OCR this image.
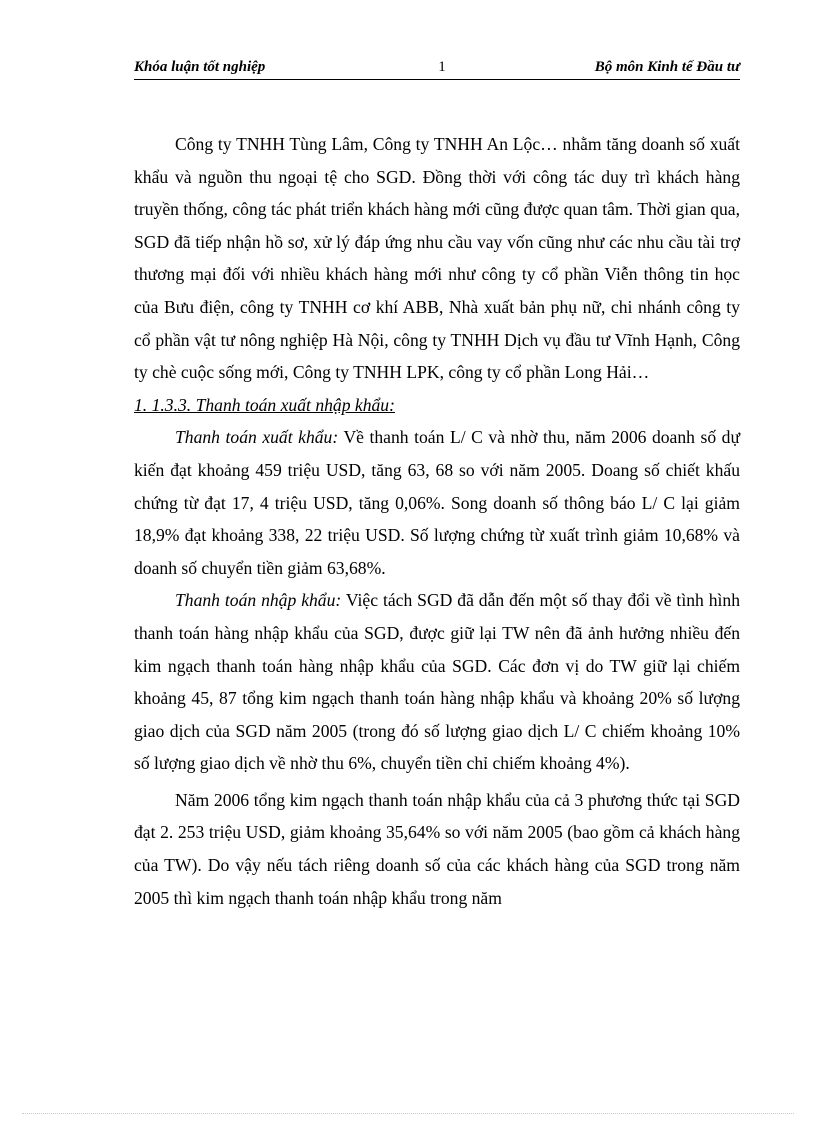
Khóa luận tốt nghiệp	1	Bộ môn Kinh tế Đầu tư

Công ty TNHH Tùng Lâm, Công ty TNHH An Lộc… nhằm tăng doanh số xuất khẩu và nguồn thu ngoại tệ cho SGD. Đồng thời với công tác duy trì khách hàng truyền thống, công tác phát triển khách hàng mới cũng được quan tâm. Thời gian qua, SGD đã tiếp nhận hồ sơ, xử lý đáp ứng nhu cầu vay vốn cũng như các nhu cầu tài trợ thương mại đối với nhiều khách hàng mới như công ty cổ phần Viễn thông tin học của Bưu điện, công ty TNHH cơ khí ABB, Nhà xuất bản phụ nữ, chi nhánh công ty cổ phần vật tư nông nghiệp Hà Nội, công ty TNHH Dịch vụ đầu tư Vĩnh Hạnh, Công ty chè cuộc sống mới, Công ty TNHH LPK, công ty cổ phần Long Hải…

1. 1.3.3. Thanh toán xuất nhập khẩu:

Thanh toán xuất khẩu: Về thanh toán L/ C và nhờ thu, năm 2006 doanh số dự kiến đạt khoảng 459 triệu USD, tăng 63, 68 so với năm 2005. Doang số chiết khấu chứng từ đạt 17, 4 triệu USD, tăng 0,06%. Song doanh số thông báo L/ C lại giảm 18,9% đạt khoảng 338, 22 triệu USD. Số lượng chứng từ xuất trình giảm 10,68% và doanh số chuyển tiền giảm 63,68%.

Thanh toán nhập khẩu: Việc tách SGD đã dẫn đến một số thay đổi về tình hình thanh toán hàng nhập khẩu của SGD, được giữ lại TW nên đã ảnh hưởng nhiều đến kim ngạch thanh toán hàng nhập khẩu của SGD. Các đơn vị do TW giữ lại chiếm khoảng 45, 87 tổng kim ngạch thanh toán hàng nhập khẩu và khoảng 20% số lượng giao dịch của SGD năm 2005 (trong đó số lượng giao dịch L/ C chiếm khoảng 10% số lượng giao dịch về nhờ thu 6%, chuyển tiền chỉ chiếm khoảng 4%).

Năm 2006 tổng kim ngạch thanh toán nhập khẩu của cả 3 phương thức tại SGD đạt 2. 253 triệu USD, giảm khoảng 35,64% so với năm 2005 (bao gồm cả khách hàng của TW). Do vậy nếu tách riêng doanh số của các khách hàng của SGD trong năm 2005 thì kim ngạch thanh toán nhập khẩu trong năm
